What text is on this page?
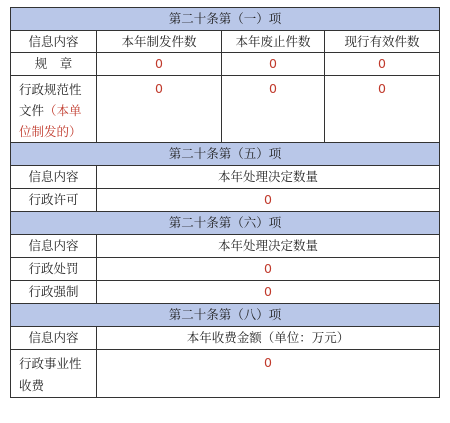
第二十条第（一）项			
信息内容	本年制发件数	本年废止件数	现行有效件数
规　章	0	0	0
行政规范性文件（本单位制发的）	0	0	0
第二十条第（五）项			
信息内容	本年处理决定数量		
行政许可	0		
第二十条第（六）项			
信息内容	本年处理决定数量		
行政处罚	0		
行政强制	0		
第二十条第（八）项			
信息内容	本年收费金额（单位：万元）		
行政事业性收费	0		
